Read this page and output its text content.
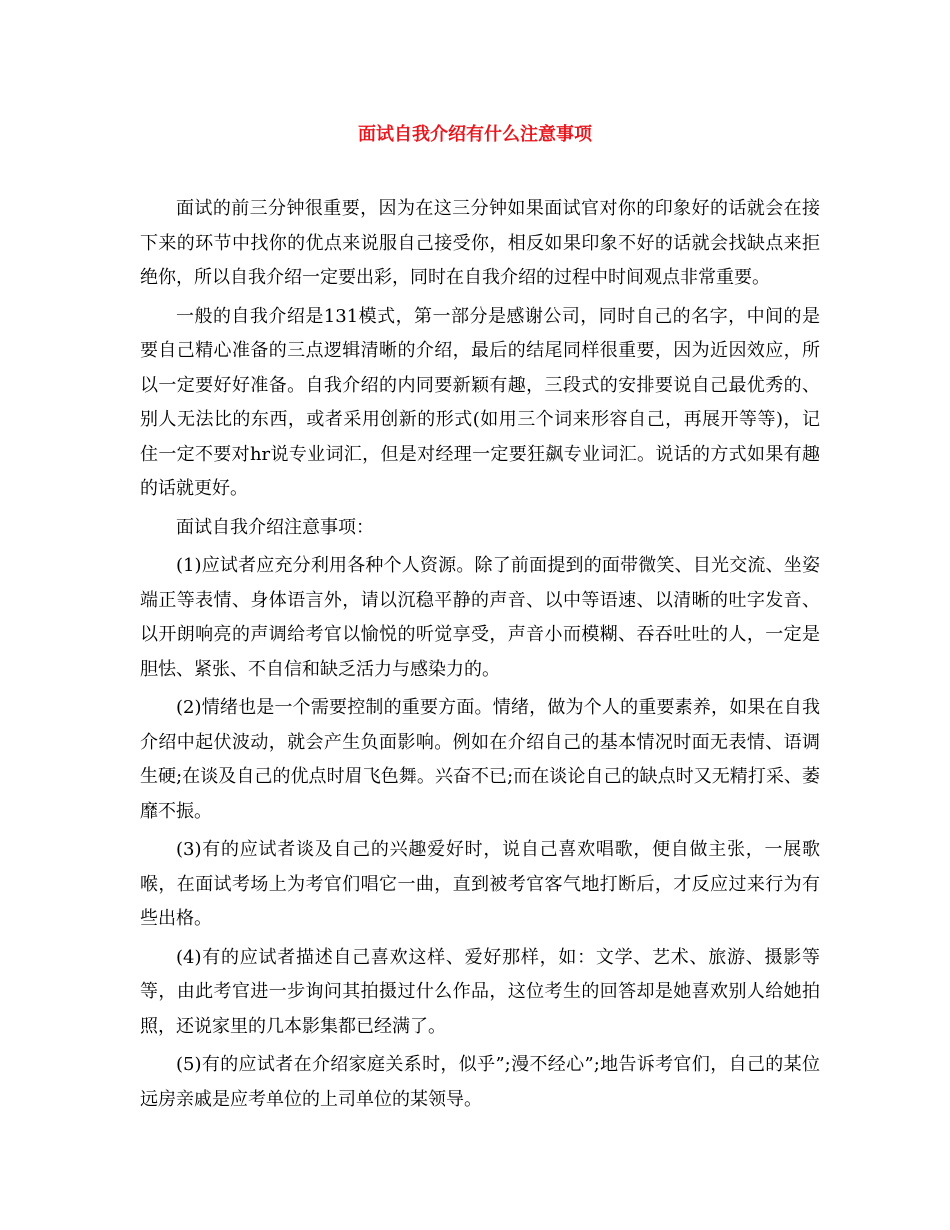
面试自我介绍有什么注意事项

面试的前三分钟很重要，因为在这三分钟如果面试官对你的印象好的话就会在接下来的环节中找你的优点来说服自己接受你，相反如果印象不好的话就会找缺点来拒绝你，所以自我介绍一定要出彩，同时在自我介绍的过程中时间观点非常重要。

一般的自我介绍是131模式，第一部分是感谢公司，同时自己的名字，中间的是要自己精心准备的三点逻辑清晰的介绍，最后的结尾同样很重要，因为近因效应，所以一定要好好准备。自我介绍的内同要新颖有趣，三段式的安排要说自己最优秀的、别人无法比的东西，或者采用创新的形式(如用三个词来形容自己，再展开等等)，记住一定不要对hr说专业词汇，但是对经理一定要狂飙专业词汇。说话的方式如果有趣的话就更好。

面试自我介绍注意事项：

(1)应试者应充分利用各种个人资源。除了前面提到的面带微笑、目光交流、坐姿端正等表情、身体语言外，请以沉稳平静的声音、以中等语速、以清晰的吐字发音、以开朗响亮的声调给考官以愉悦的听觉享受，声音小而模糊、吞吞吐吐的人，一定是胆怯、紧张、不自信和缺乏活力与感染力的。

(2)情绪也是一个需要控制的重要方面。情绪，做为个人的重要素养，如果在自我介绍中起伏波动，就会产生负面影响。例如在介绍自己的基本情况时面无表情、语调生硬;在谈及自己的优点时眉飞色舞。兴奋不已;而在谈论自己的缺点时又无精打采、萎靡不振。

(3)有的应试者谈及自己的兴趣爱好时，说自己喜欢唱歌，便自做主张，一展歌喉，在面试考场上为考官们唱它一曲，直到被考官客气地打断后，才反应过来行为有些出格。

(4)有的应试者描述自己喜欢这样、爱好那样，如：文学、艺术、旅游、摄影等等，由此考官进一步询问其拍摄过什么作品，这位考生的回答却是她喜欢别人给她拍照，还说家里的几本影集都已经满了。

(5)有的应试者在介绍家庭关系时，似乎”;漫不经心”;地告诉考官们，自己的某位远房亲戚是应考单位的上司单位的某领导。
